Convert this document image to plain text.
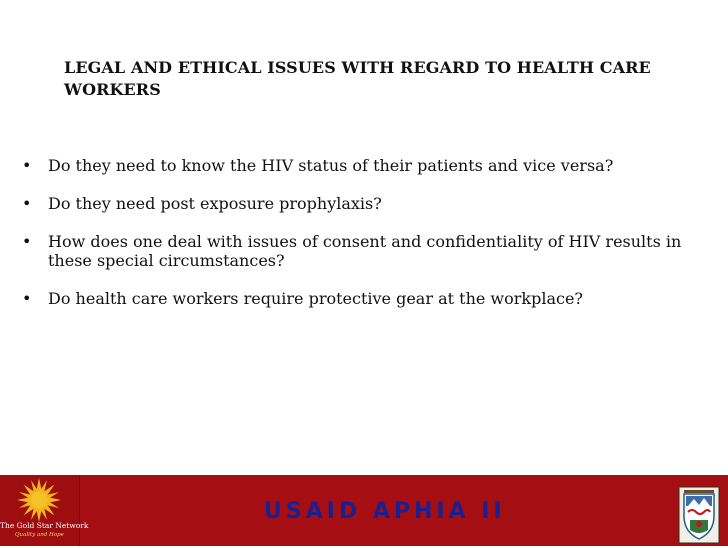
LEGAL AND ETHICAL ISSUES WITH REGARD TO HEALTH CARE WORKERS
• Do they need to know the HIV status of their patients and vice versa?
• Do they need post exposure prophylaxis?
• How does one deal with issues of consent and confidentiality of HIV results in these special circumstances?
• Do health care workers require protective gear at the workplace?
The Gold Star Network
Quality and Hope
USAID APHIA II
